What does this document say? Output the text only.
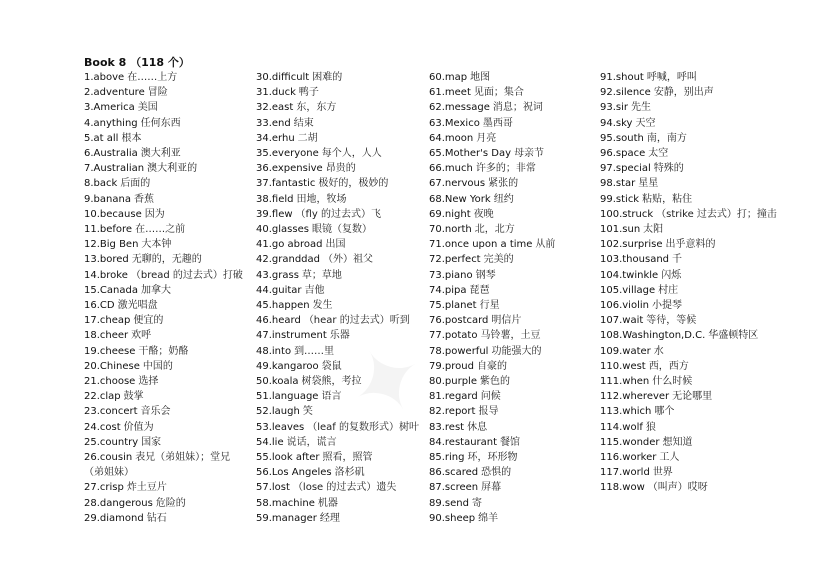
Book 8 （118 个）
1.above 在……上方
2.adventure 冒险
3.America 美国
4.anything 任何东西
5.at all 根本
6.Australia 澳大利亚
7.Australian 澳大利亚的
8.back 后面的
9.banana 香蕉
10.because 因为
11.before 在……之前
12.Big Ben 大本钟
13.bored 无聊的，无趣的
14.broke （bread 的过去式）打破
15.Canada 加拿大
16.CD 激光唱盘
17.cheap 便宜的
18.cheer 欢呼
19.cheese 干酪；奶酪
20.Chinese 中国的
21.choose 选择
22.clap 鼓掌
23.concert 音乐会
24.cost 价值为
25.country 国家
26.cousin 表兄（弟姐妹）；堂兄（弟姐妹）
27.crisp 炸土豆片
28.dangerous 危险的
29.diamond 钻石
30.difficult 困难的
31.duck 鸭子
32.east 东，东方
33.end 结束
34.erhu 二胡
35.everyone 每个人，人人
36.expensive 昂贵的
37.fantastic 极好的，极妙的
38.field 田地，牧场
39.flew （fly 的过去式）飞
40.glasses 眼镜（复数）
41.go abroad 出国
42.granddad （外）祖父
43.grass 草；草地
44.guitar 吉他
45.happen 发生
46.heard （hear 的过去式）听到
47.instrument 乐器
48.into 到……里
49.kangaroo 袋鼠
50.koala 树袋熊，考拉
51.language 语言
52.laugh 笑
53.leaves （leaf 的复数形式）树叶
54.lie 说话，谎言
55.look after 照看，照管
56.Los Angeles 洛杉矶
57.lost （lose 的过去式）遗失
58.machine 机器
59.manager 经理
60.map 地图
61.meet 见面；集合
62.message 消息；祝词
63.Mexico 墨西哥
64.moon 月亮
65.Mother's Day 母亲节
66.much 许多的；非常
67.nervous 紧张的
68.New York 纽约
69.night 夜晚
70.north 北，北方
71.once upon a time 从前
72.perfect 完美的
73.piano 钢琴
74.pipa 琵琶
75.planet 行星
76.postcard 明信片
77.potato 马铃薯，土豆
78.powerful 功能强大的
79.proud 自豪的
80.purple 紫色的
81.regard 问候
82.report 报导
83.rest 休息
84.restaurant 餐馆
85.ring 环，环形物
86.scared 恐惧的
87.screen 屏幕
89.send 寄
90.sheep 绵羊
91.shout 呼喊，呼叫
92.silence 安静，别出声
93.sir 先生
94.sky 天空
95.south 南，南方
96.space 太空
97.special 特殊的
98.star 星星
99.stick 粘贴，粘住
100.struck （strike 过去式）打；撞击
101.sun 太阳
102.surprise 出乎意料的
103.thousand 千
104.twinkle 闪烁
105.village 村庄
106.violin 小提琴
107.wait 等待，等候
108.Washington,D.C. 华盛顿特区
109.water 水
110.west 西，西方
111.when 什么时候
112.wherever 无论哪里
113.which 哪个
114.wolf 狼
115.wonder 想知道
116.worker 工人
117.world 世界
118.wow （叫声）哎呀
